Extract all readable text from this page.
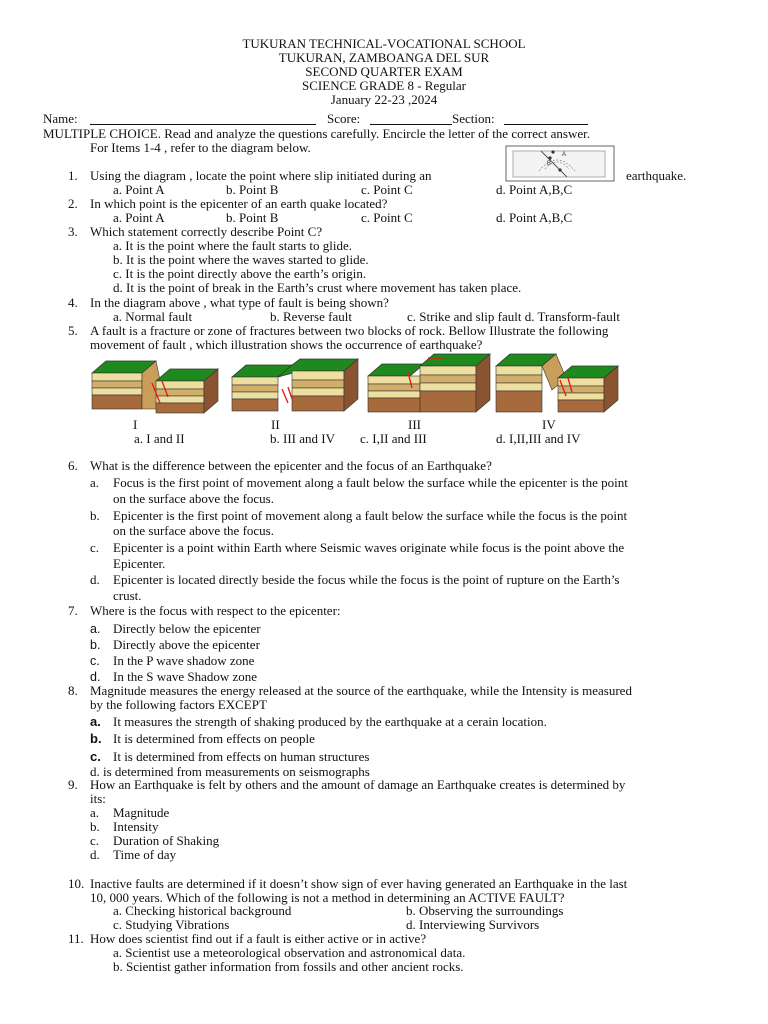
TUKURAN TECHNICAL-VOCATIONAL SCHOOL
TUKURAN, ZAMBOANGA DEL SUR
SECOND QUARTER EXAM
SCIENCE GRADE 8 - Regular
January 22-23 ,2024
Name:	Score:	Section:
MULTIPLE CHOICE. Read and analyze the questions carefully. Encircle the letter of the correct answer.
For Items 1-4 , refer to the diagram below.
1. Using the diagram , locate the point where slip initiated during an
A
B
earthquake.
a. Point A	b. Point B	c. Point C	d. Point A,B,C
2. In which point is the epicenter of an earth quake located?
a. Point A	b. Point B	c. Point C	d. Point A,B,C
3. Which statement correctly describe Point C?
a. It is the point where the fault starts to glide.
b. It is the point where the waves started to glide.
c. It is the point directly above the earth’s origin.
d. It is the point of break in the Earth’s crust where movement has taken place.
4. In the diagram above , what type of fault is being shown?
a. Normal fault	b. Reverse fault	c. Strike and slip fault d. Transform-fault
5. A fault is a fracture or zone of fractures between two blocks of rock. Bellow Illustrate the following
movement of fault , which illustration shows the occurrence of earthquake?
I	II	III	IV
a. I and II	b. III and IV c. I,II and III	d. I,II,III and IV
6. What is the difference between the epicenter and the focus of an Earthquake?
a. Focus is the first point of movement along a fault below the surface while the epicenter is the point
on the surface above the focus.
b. Epicenter is the first point of movement along a fault below the surface while the focus is the point
on the surface above the focus.
c. Epicenter is a point within Earth where Seismic waves originate while focus is the point above the
Epicenter.
d. Epicenter is located directly beside the focus while the focus is the point of rupture on the Earth’s
crust.
7. Where is the focus with respect to the epicenter:
a. Directly below the epicenter
b. Directly above the epicenter
c. In the P wave shadow zone
d. In the S wave Shadow zone
8. Magnitude measures the energy released at the source of the earthquake, while the Intensity is measured
by the following factors EXCEPT
a. It measures the strength of shaking produced by the earthquake at a cerain location.
b. It is determined from effects on people
c. It is determined from effects on human structures
d. is determined from measurements on seismographs
9. How an Earthquake is felt by others and the amount of damage an Earthquake creates is determined by
its:
a. Magnitude
b. Intensity
c. Duration of Shaking
d. Time of day
10. Inactive faults are determined if it doesn’t show sign of ever having generated an Earthquake in the last
10, 000 years. Which of the following is not a method in determining an ACTIVE FAULT?
a. Checking historical background	b. Observing the surroundings
c. Studying Vibrations	d. Interviewing Survivors
11. How does scientist find out if a fault is either active or in active?
a. Scientist use a meteorological observation and astronomical data.
b. Scientist gather information from fossils and other ancient rocks.
